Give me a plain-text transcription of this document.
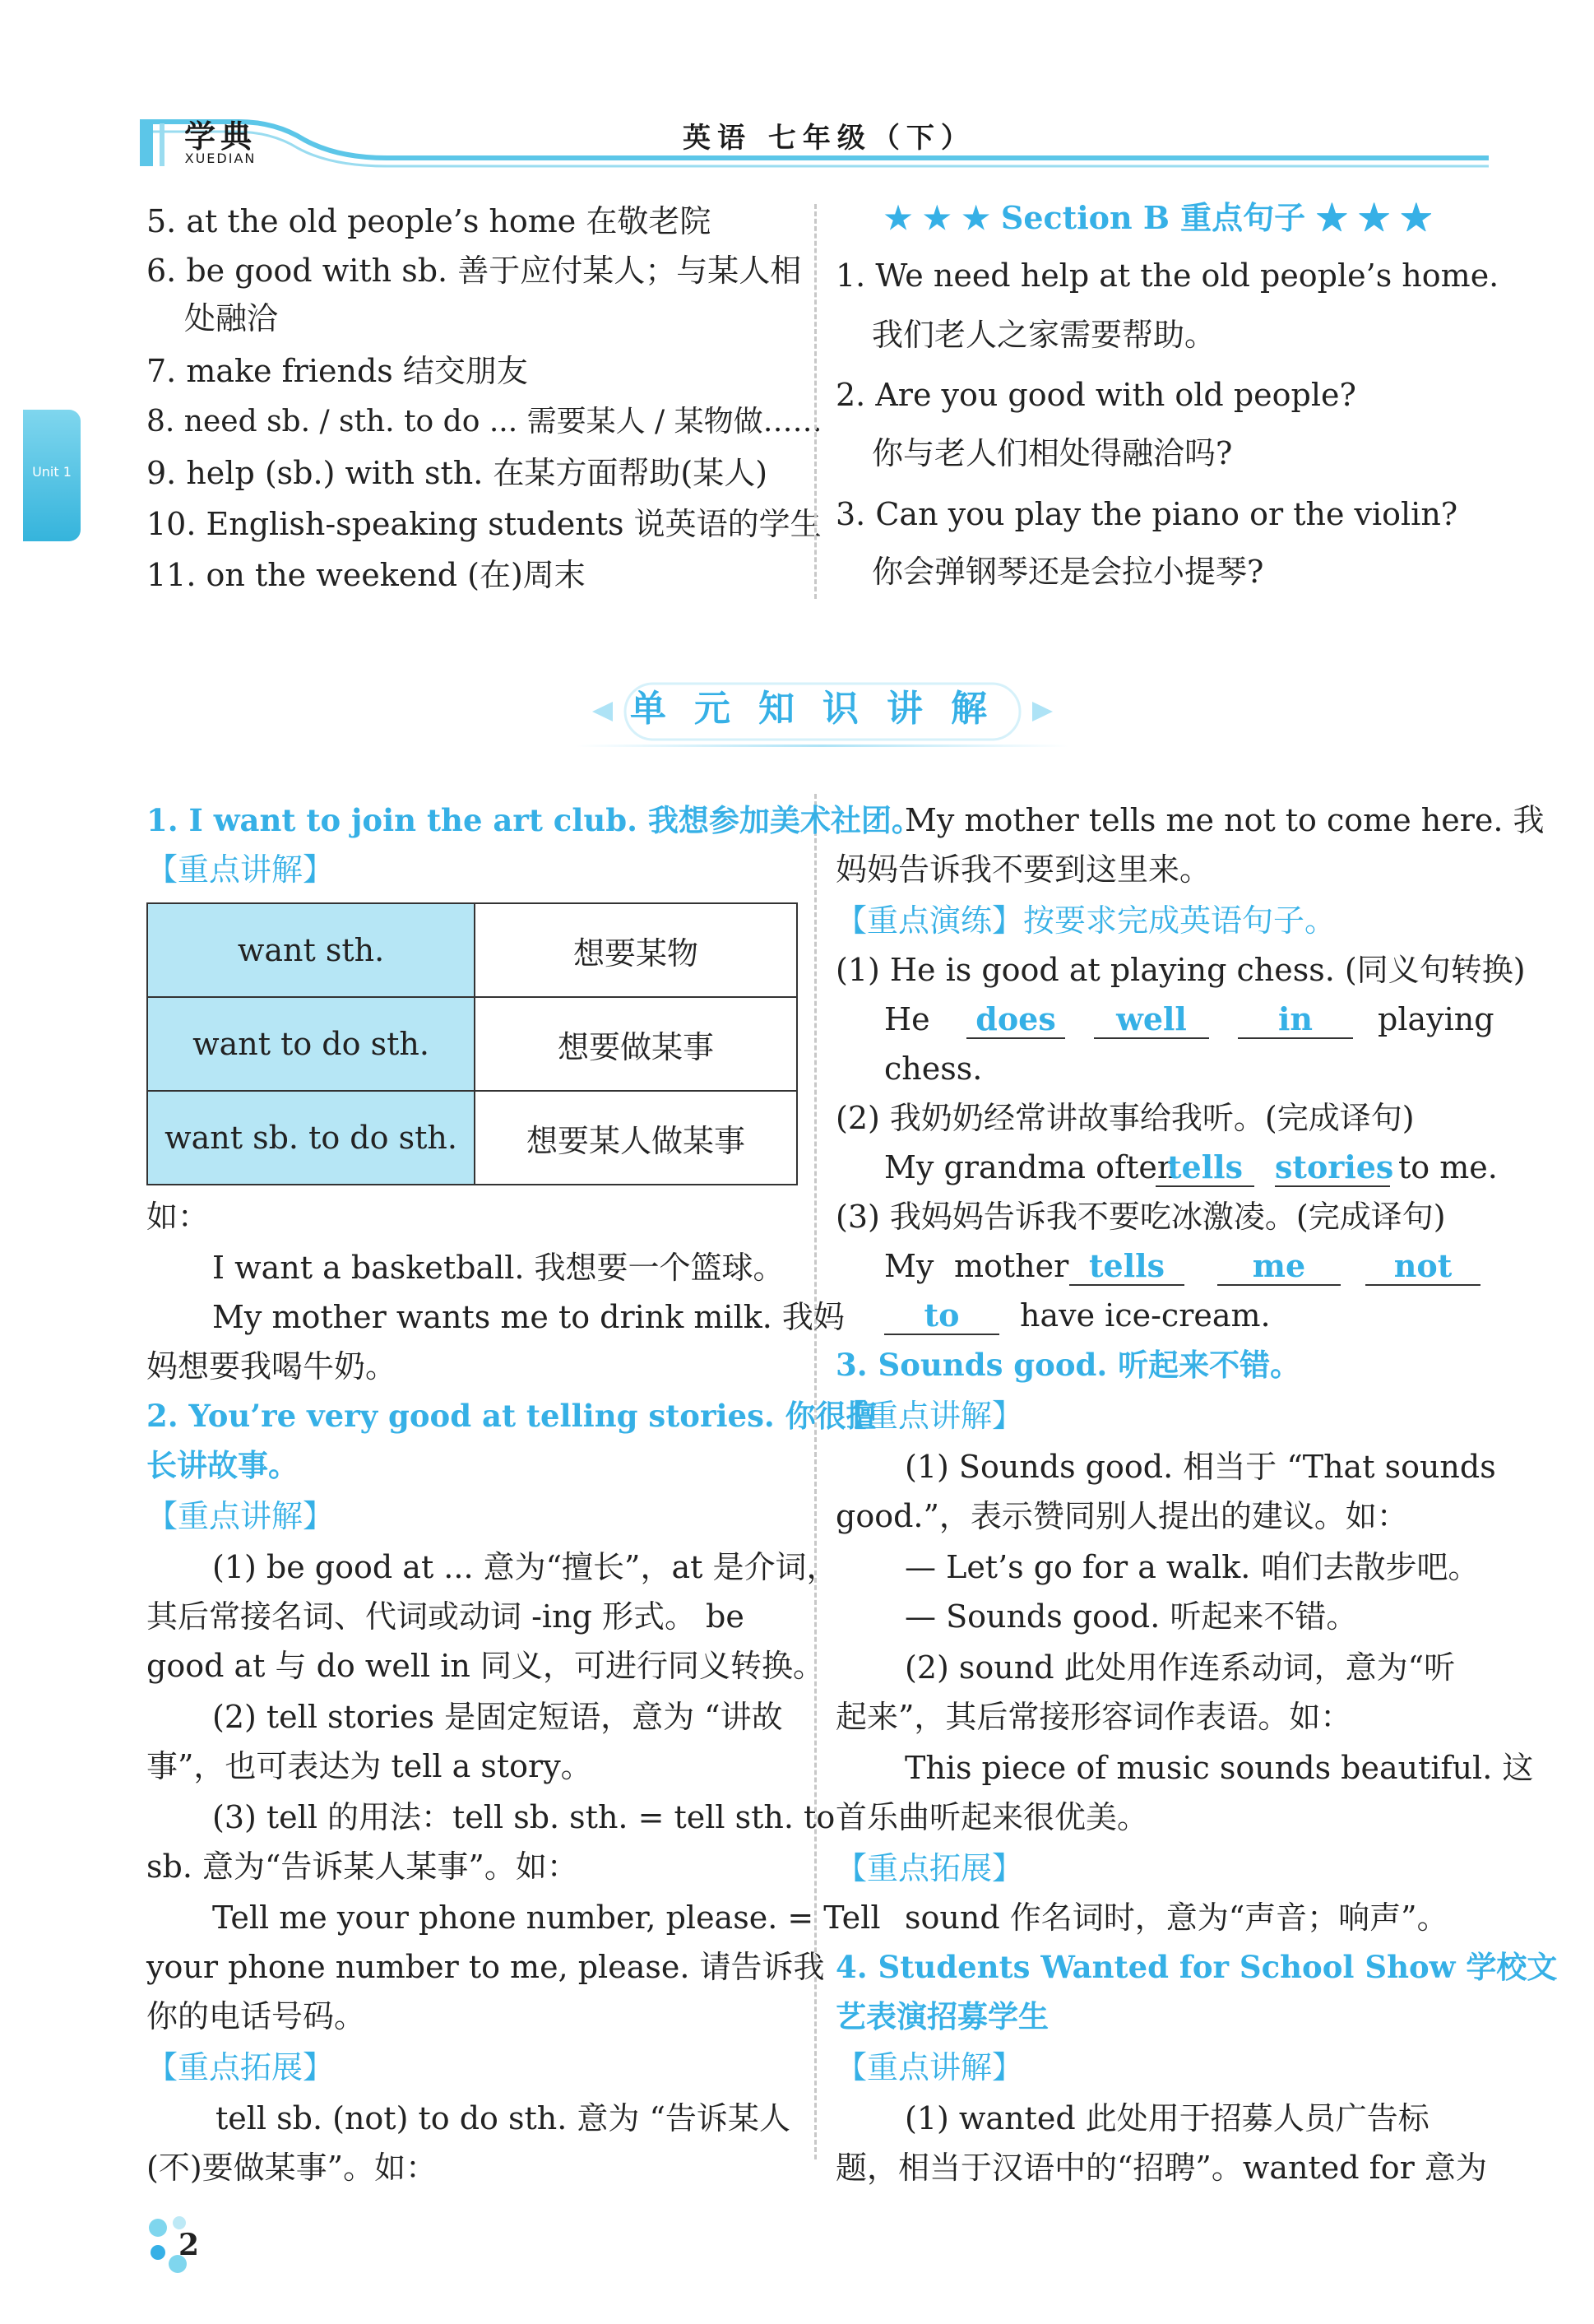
学典
XUEDIAN
英语 七年级（下）
Unit 1
5. at the old people’s home 在敬老院
6. be good with sb. 善于应付某人；与某人相
处融洽
7. make friends 结交朋友
8. need sb. / sth. to do ... 需要某人 / 某物做……
9. help (sb.) with sth. 在某方面帮助(某人)
10. English-speaking students 说英语的学生
11. on the weekend (在)周末
★ ★ ★ Section B 重点句子 ★ ★ ★
1. We need help at the old people’s home.
我们老人之家需要帮助。
2. Are you good with old people?
你与老人们相处得融洽吗?
3. Can you play the piano or the violin?
你会弹钢琴还是会拉小提琴?
单元知识讲解
1. I want to join the art club. 我想参加美术社团。
【重点讲解】
want sth.	想要某物
want to do sth.	想要做某事
want sb. to do sth.	想要某人做某事
如：
I want a basketball. 我想要一个篮球。
My mother wants me to drink milk. 我妈
妈想要我喝牛奶。
2. You’re very good at telling stories. 你很擅
长讲故事。
【重点讲解】
(1) be good at ... 意为“擅长”，at 是介词，
其后常接名词、代词或动词 -ing 形式。 be
good at 与 do well in 同义，可进行同义转换。
(2) tell stories 是固定短语，意为 “讲故
事”，也可表达为 tell a story。
(3) tell 的用法：tell sb. sth. = tell sth. to
sb. 意为“告诉某人某事”。如：
Tell me your phone number, please. = Tell
your phone number to me, please. 请告诉我
你的电话号码。
【重点拓展】
tell sb. (not) to do sth. 意为 “告诉某人
(不)要做某事”。如：
My mother tells me not to come here. 我
妈妈告诉我不要到这里来。
【重点演练】按要求完成英语句子。
(1) He is good at playing chess. (同义句转换)
He does	well	in	playing
chess.
(2) 我奶奶经常讲故事给我听。(完成译句)
My grandma often
tells	stories to me.
(3) 我妈妈告诉我不要吃冰激凌。(完成译句)
My mother tells	me	not
to	have ice-cream.
3. Sounds good. 听起来不错。
【重点讲解】
(1) Sounds good. 相当于 “That sounds
good.”，表示赞同别人提出的建议。如：
— Let’s go for a walk. 咱们去散步吧。
— Sounds good. 听起来不错。
(2) sound 此处用作连系动词，意为“听
起来”，其后常接形容词作表语。如：
This piece of music sounds beautiful. 这
首乐曲听起来很优美。
【重点拓展】
sound 作名词时，意为“声音；响声”。
4. Students Wanted for School Show 学校文
艺表演招募学生
【重点讲解】
(1) wanted 此处用于招募人员广告标
题，相当于汉语中的“招聘”。wanted for 意为
2
